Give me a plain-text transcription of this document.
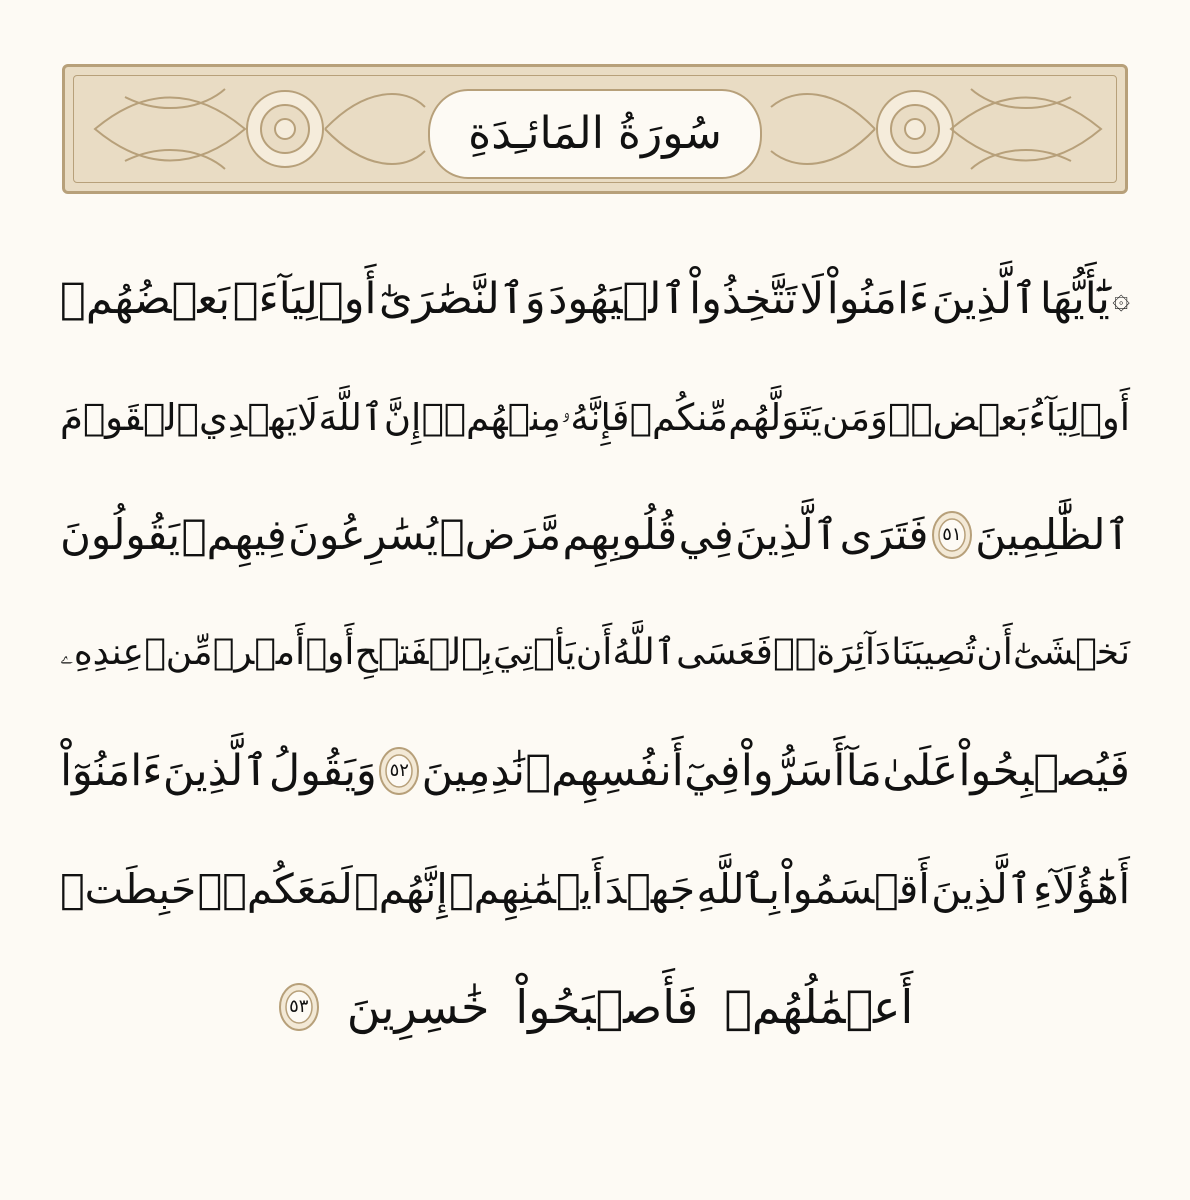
سُورَةُ المَائـِدَةِ
۞
يَٰٓأَيُّهَا
ٱلَّذِينَ
ءَامَنُواْ
لَا
تَتَّخِذُواْ
ٱلۡيَهُودَ
وَٱلنَّصَٰرَىٰٓ
أَوۡلِيَآءَۘ
بَعۡضُهُمۡ
أَوۡلِيَآءُ
بَعۡضٖۚ
وَمَن
يَتَوَلَّهُم
مِّنكُمۡ
فَإِنَّهُۥ
مِنۡهُمۡۗ
إِنَّ
ٱللَّهَ
لَا
يَهۡدِي
ٱلۡقَوۡمَ
ٱلظَّٰلِمِينَ
٥١
فَتَرَى
ٱلَّذِينَ
فِي
قُلُوبِهِم
مَّرَضٞ
يُسَٰرِعُونَ
فِيهِمۡ
يَقُولُونَ
نَخۡشَىٰٓ
أَن
تُصِيبَنَا
دَآئِرَةٞۚ
فَعَسَى
ٱللَّهُ
أَن
يَأۡتِيَ
بِٱلۡفَتۡحِ
أَوۡ
أَمۡرٖ
مِّنۡ
عِندِهِۦ
فَيُصۡبِحُواْ
عَلَىٰ
مَآ
أَسَرُّواْ
فِيٓ
أَنفُسِهِمۡ
نَٰدِمِينَ
٥٢
وَيَقُولُ
ٱلَّذِينَ
ءَامَنُوٓاْ
أَهَٰٓؤُلَآءِ
ٱلَّذِينَ
أَقۡسَمُواْ
بِٱللَّهِ
جَهۡدَ
أَيۡمَٰنِهِمۡ
إِنَّهُمۡ
لَمَعَكُمۡۚ
حَبِطَتۡ
أَعۡمَٰلُهُمۡ
فَأَصۡبَحُواْ
خَٰسِرِينَ
٥٣
